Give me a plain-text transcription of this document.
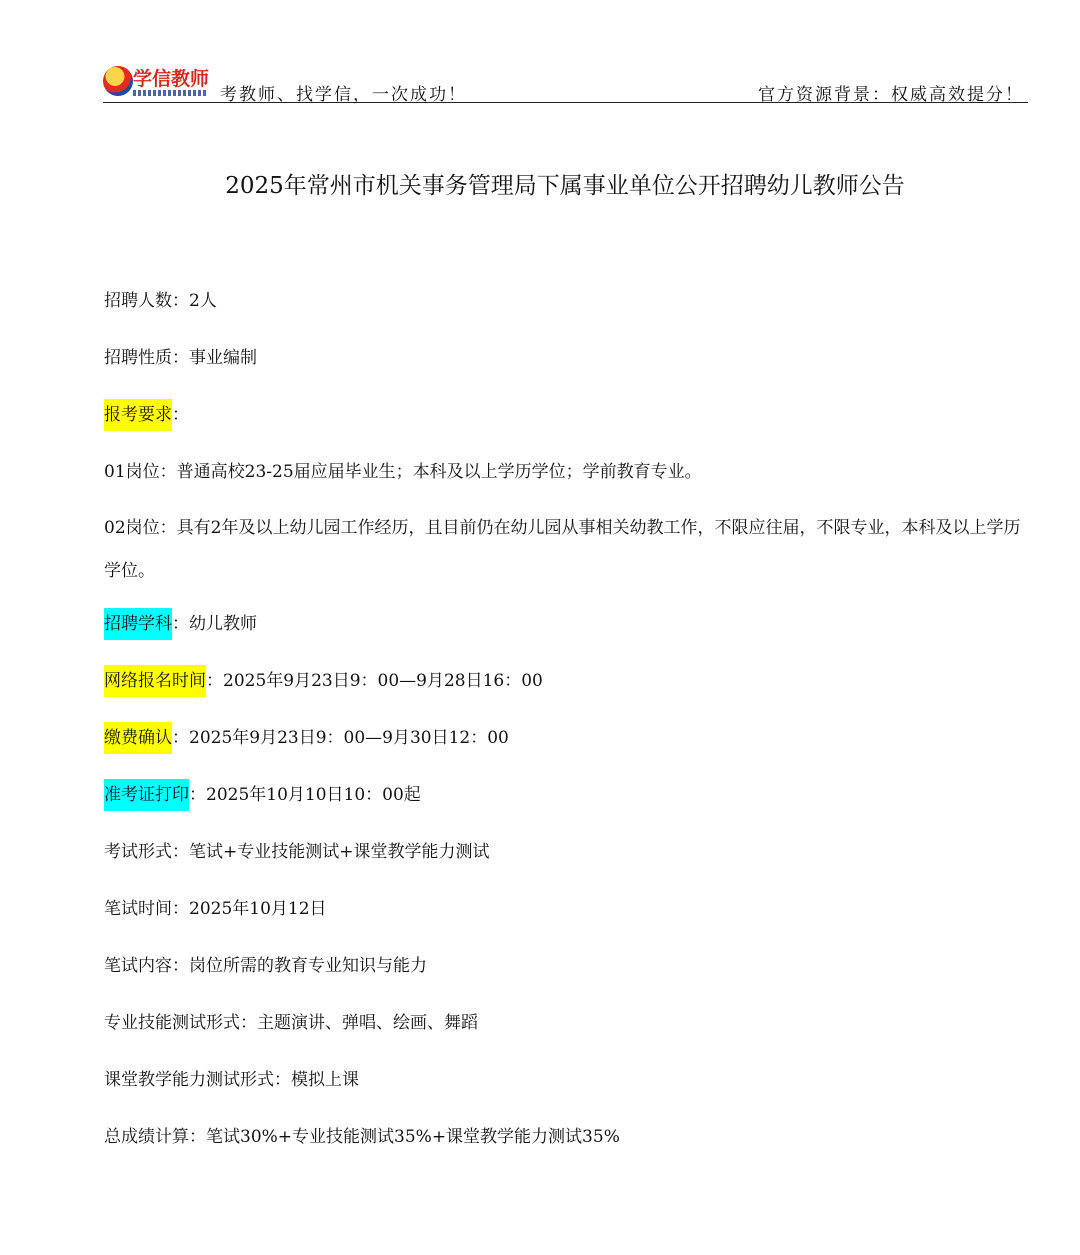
学信教师
考教师、找学信，一次成功！	官方资源背景：权威高效提分！
2025年常州市机关事务管理局下属事业单位公开招聘幼儿教师公告
招聘人数：2人
招聘性质：事业编制
报考要求：
01岗位：普通高校23-25届应届毕业生；本科及以上学历学位；学前教育专业。
02岗位：具有2年及以上幼儿园工作经历，且目前仍在幼儿园从事相关幼教工作，不限应往届，不限专业，本科及以上学历学位。
招聘学科：幼儿教师
网络报名时间：2025年9月23日9：00—9月28日16：00
缴费确认：2025年9月23日9：00—9月30日12：00
准考证打印：2025年10月10日10：00起
考试形式：笔试+专业技能测试+课堂教学能力测试
笔试时间：2025年10月12日
笔试内容：岗位所需的教育专业知识与能力
专业技能测试形式：主题演讲、弹唱、绘画、舞蹈
课堂教学能力测试形式：模拟上课
总成绩计算：笔试30%+专业技能测试35%+课堂教学能力测试35%
